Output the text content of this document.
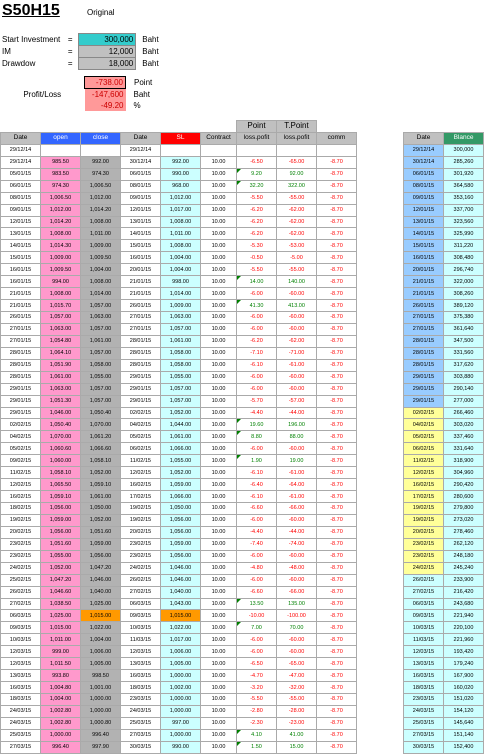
S50H15	Original
Start Investment	=	300,000	Baht
IM	=	12,000	Baht
Drawdow	=	18,000	Baht
	-738.00	Point
Profit/Loss	-147,600	Baht
	-49.20	%
						Point	T.Point				
Date	open	close	Date	SL	Contract	loss.pofit	loss.pofit	comm		Date	Blance
29/12/14			29/12/14							29/12/14	300,000
29/12/14	985.50	992.00	30/12/14	992.00	10.00	-6.50	-65.00	-8.70		30/12/14	285,260
05/01/15	983.50	974.30	06/01/15	990.00	10.00	9.20	92.00	-8.70		06/01/15	301,920
06/01/15	974.30	1,006.50	08/01/15	968.00	10.00	32.20	322.00	-8.70		08/01/15	364,580
08/01/15	1,006.50	1,012.00	09/01/15	1,012.00	10.00	-5.50	-55.00	-8.70		09/01/15	353,160
09/01/15	1,012.00	1,014.20	12/01/15	1,017.00	10.00	-6.20	-62.00	-8.70		12/01/15	337,700
12/01/15	1,014.20	1,008.00	13/01/15	1,008.00	10.00	-6.20	-62.00	-8.70		13/01/15	323,560
13/01/15	1,008.00	1,011.00	14/01/15	1,011.00	10.00	-6.20	-62.00	-8.70		14/01/15	325,990
14/01/15	1,014.30	1,009.00	15/01/15	1,008.00	10.00	-5.30	-53.00	-8.70		15/01/15	311,220
15/01/15	1,009.00	1,009.50	16/01/15	1,004.00	10.00	-0.50	-5.00	-8.70		16/01/15	308,480
16/01/15	1,009.50	1,004.00	20/01/15	1,004.00	10.00	-5.50	-55.00	-8.70		20/01/15	296,740
16/01/15	994.00	1,008.00	21/01/15	998.00	10.00	14.00	140.00	-8.70		21/01/15	322,000
21/01/15	1,008.00	1,014.00	21/01/15	1,014.00	10.00	-6.00	-60.00	-8.70		21/01/15	308,260
21/01/15	1,015.70	1,057.00	26/01/15	1,009.00	10.00	41.30	413.00	-8.70		26/01/15	389,120
26/01/15	1,057.00	1,063.00	27/01/15	1,063.00	10.00	-6.00	-60.00	-8.70		27/01/15	375,380
27/01/15	1,063.00	1,057.00	27/01/15	1,057.00	10.00	-6.00	-60.00	-8.70		27/01/15	361,640
27/01/15	1,054.80	1,061.00	28/01/15	1,061.00	10.00	-6.20	-62.00	-8.70		28/01/15	347,500
28/01/15	1,064.10	1,057.00	28/01/15	1,058.00	10.00	-7.10	-71.00	-8.70		28/01/15	331,560
28/01/15	1,051.90	1,058.00	28/01/15	1,058.00	10.00	-6.10	-61.00	-8.70		28/01/15	317,620
28/01/15	1,061.00	1,055.00	29/01/15	1,055.00	10.00	-6.00	-60.00	-8.70		29/01/15	303,880
29/01/15	1,063.00	1,057.00	29/01/15	1,057.00	10.00	-6.00	-60.00	-8.70		29/01/15	290,140
29/01/15	1,051.30	1,057.00	29/01/15	1,057.00	10.00	-5.70	-57.00	-8.70		29/01/15	277,000
29/01/15	1,046.00	1,050.40	02/02/15	1,052.00	10.00	-4.40	-44.00	-8.70		02/02/15	266,460
02/02/15	1,050.40	1,070.00	04/02/15	1,044.00	10.00	19.60	196.00	-8.70		04/02/15	303,020
04/02/15	1,070.00	1,061.20	05/02/15	1,061.00	10.00	8.80	88.00	-8.70		05/02/15	337,460
05/02/15	1,060.60	1,066.60	06/02/15	1,066.00	10.00	-6.00	-60.00	-8.70		06/02/15	331,640
09/02/15	1,060.00	1,058.10	11/02/15	1,055.00	10.00	1.90	19.00	-8.70		11/02/15	318,900
11/02/15	1,058.10	1,052.00	12/02/15	1,052.00	10.00	-6.10	-61.00	-8.70		12/02/15	304,960
12/02/15	1,065.50	1,059.10	16/02/15	1,059.00	10.00	-6.40	-64.00	-8.70		16/02/15	290,420
16/02/15	1,059.10	1,061.00	17/02/15	1,066.00	10.00	-6.10	-61.00	-8.70		17/02/15	280,600
18/02/15	1,056.00	1,050.00	19/02/15	1,050.00	10.00	-6.60	-66.00	-8.70		19/02/15	279,800
19/02/15	1,059.00	1,052.00	19/02/15	1,056.00	10.00	-6.00	-60.00	-8.70		19/02/15	273,020
20/02/15	1,056.00	1,051.60	20/02/15	1,056.00	10.00	-4.40	-44.00	-8.70		20/02/15	278,460
23/02/15	1,051.60	1,059.00	23/02/15	1,059.00	10.00	-7.40	-74.00	-8.70		23/02/15	262,120
23/02/15	1,055.00	1,056.00	23/02/15	1,056.00	10.00	-6.00	-60.00	-8.70		23/02/15	248,180
24/02/15	1,052.00	1,047.20	24/02/15	1,046.00	10.00	-4.80	-48.00	-8.70		24/02/15	245,240
25/02/15	1,047.20	1,046.00	26/02/15	1,046.00	10.00	-6.00	-60.00	-8.70		26/02/15	233,900
26/02/15	1,046.60	1,040.00	27/02/15	1,040.00	10.00	-6.60	-66.00	-8.70		27/02/15	216,420
27/02/15	1,038.50	1,025.00	06/03/15	1,043.00	10.00	13.50	135.00	-8.70		06/03/15	243,680
06/03/15	1,025.00	1,015.00	09/03/15	1,015.00	10.00	-10.00	-100.00	-8.70		09/03/15	221,940
09/03/15	1,015.00	1,022.00	10/03/15	1,022.00	10.00	7.00	70.00	-8.70		10/03/15	220,100
10/03/15	1,011.00	1,004.00	11/03/15	1,017.00	10.00	-6.00	-60.00	-8.70		11/03/15	221,960
12/03/15	999.00	1,006.00	12/03/15	1,006.00	10.00	-6.00	-60.00	-8.70		12/03/15	193,420
12/03/15	1,011.50	1,005.00	13/03/15	1,005.00	10.00	-6.50	-65.00	-8.70		13/03/15	179,240
13/03/15	993.80	998.50	16/03/15	1,000.00	10.00	-4.70	-47.00	-8.70		16/03/15	167,900
16/03/15	1,004.80	1,001.00	18/03/15	1,002.00	10.00	-3.20	-32.00	-8.70		18/03/15	160,020
18/03/15	1,004.00	1,000.00	23/03/15	1,000.00	10.00	-5.50	-55.00	-8.70		23/03/15	151,020
24/03/15	1,002.80	1,000.00	24/03/15	1,000.00	10.00	-2.80	-28.00	-8.70		24/03/15	154,120
24/03/15	1,002.80	1,000.80	25/03/15	997.00	10.00	-2.30	-23.00	-8.70		25/03/15	145,640
25/03/15	1,000.00	996.40	27/03/15	1,000.00	10.00	4.10	41.00	-8.70		27/03/15	151,140
27/03/15	996.40	997.90	30/03/15	990.00	10.00	1.50	15.00	-8.70		30/03/15	152,400
